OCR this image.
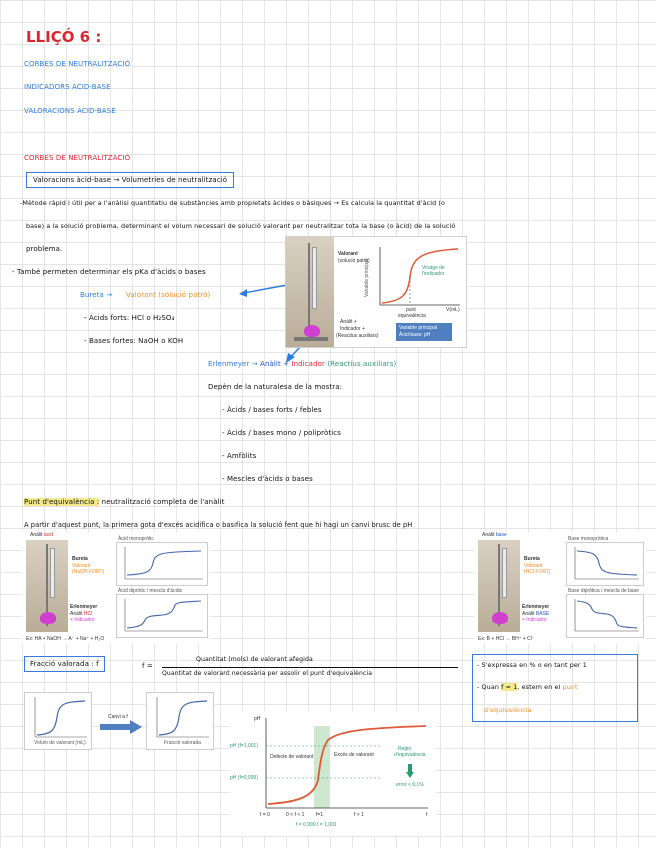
LLIÇÓ 6 :
CORBES DE NEUTRALITZACIÓ
INDICADORS ÀCID-BASE
VALORACIONS ÀCID-BASE
CORBES DE NEUTRALITZACIÓ
Valoracions àcid-base → Volumetries de neutralització
-Mètode ràpid i útil per a l'anàlisi quantitatiu de substàncies amb propietats àcides o bàsiques → Es calcula la quantitat d'àcid (o
base) a la solució problema, determinant el volum necessari de solució valorant per neutralitzar tota la base (o àcid) de la solució
problema.
- També permeten determinar els pKa d'àcids o bases
Bureta → Valorant (solució patró)
- Àcids forts: HCl o H₂SO₄
- Bases fortes: NaOH o KOH
Erlenmeyer → Anàlit + Indicador (Reactius auxiliars)
Depèn de la naturalesa de la mostra:
- Àcids / bases forts / febles
- Àcids / bases mono / polipròtics
- Amfòlits
- Mescles d'àcids o bases
Valorant
(solució patró)
Anàlit +
Indicador +
(Reactius auxiliars)
Variable principal	Viratge de
l'indicador
punt
equivalència
V(mL)
Variable principal
Àcid-base: pH
Punt d'equivalència : neutralització completa de l'anàlit
A partir d'aquest punt, la primera gota d'excés acidifica o basifica la solució fent que hi hagi un canvi brusc de pH
Anàlit àcid
Bureta
Valorant
(NaOH FORT)
Erlenmeyer
Anàlit HCl
+ Indicador
Ex: HA + NaOH → A⁻ + Na⁺ + H₂O
Àcid monopròtic
Àcid dipròtic / mescla d'àcids
Anàlit base
Bureta
Valorant
(HCl FORT)
Erlenmeyer
Anàlit BASE
+ Indicador
Ex: B + HCl → BH⁺ + Cl⁻
Base monopròtica
Base dipròtica / mescla de base
Fracció valorada : f	f =
Quantitat (mols) de valorant afegida
Quantitat de valorant necessària per assolir el punt d'equivalència
- S'expressa en % o en tant per 1
- Quan f = 1, estem en el punt
d'equivalència
Volum de valorant (mL)
Canvi a f
Fracció valorada
pH
pH (f=1,001)
pH (f=0,999)
Defecte de valorant	Excés de valorant
Regió
d'equivalència
error < 0,1%
f = 0	0 < f < 1 f=1	f > 1	f
f = 0,999 f = 1,001
